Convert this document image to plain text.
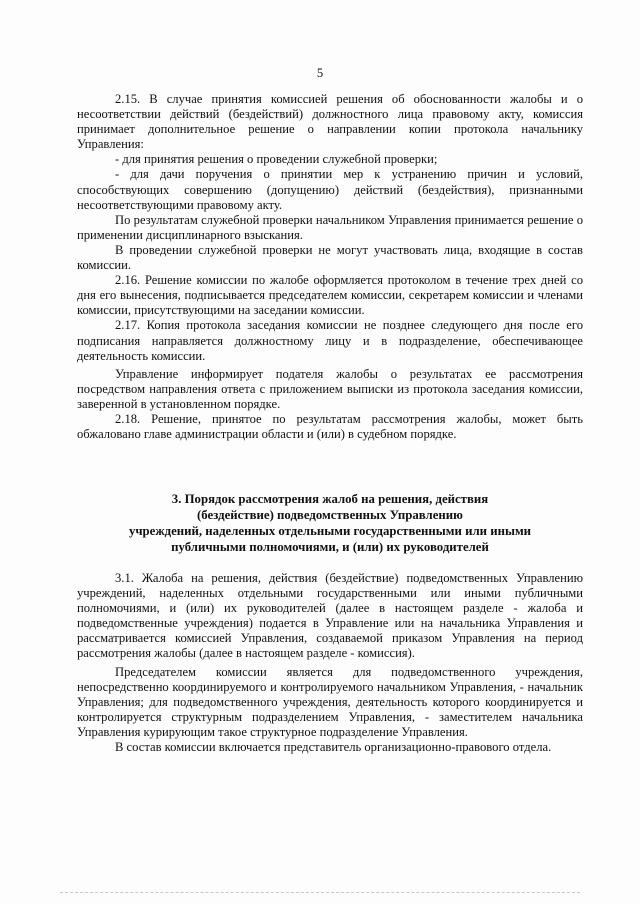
5

2.15. В случае принятия комиссией решения об обоснованности жалобы и о несоответствии действий (бездействий) должностного лица правовому акту, комиссия принимает дополнительное решение о направлении копии протокола начальнику Управления:

- для принятия решения о проведении служебной проверки;

- для дачи поручения о принятии мер к устранению причин и условий, способствующих совершению (допущению) действий (бездействия), признанными несоответствующими правовому акту.

По результатам служебной проверки начальником Управления принимается решение о применении дисциплинарного взыскания.

В проведении служебной проверки не могут участвовать лица, входящие в состав комиссии.

2.16. Решение комиссии по жалобе оформляется протоколом в течение трех дней со дня его вынесения, подписывается председателем комиссии, секретарем комиссии и членами комиссии, присутствующими на заседании комиссии.

2.17. Копия протокола заседания комиссии не позднее следующего дня после его подписания направляется должностному лицу и в подразделение, обеспечивающее деятельность комиссии.

Управление информирует подателя жалобы о результатах ее рассмотрения посредством направления ответа с приложением выписки из протокола заседания комиссии, заверенной в установленном порядке.

2.18. Решение, принятое по результатам рассмотрения жалобы, может быть обжаловано главе администрации области и (или) в судебном порядке.

3. Порядок рассмотрения жалоб на решения, действия
(бездействие) подведомственных Управлению
учреждений, наделенных отдельными государственными или иными
публичными полномочиями, и (или) их руководителей

3.1. Жалоба на решения, действия (бездействие) подведомственных Управлению учреждений, наделенных отдельными государственными или иными публичными полномочиями, и (или) их руководителей (далее в настоящем разделе - жалоба и подведомственные учреждения) подается в Управление или на начальника Управления и рассматривается комиссией Управления, создаваемой приказом Управления на период рассмотрения жалобы (далее в настоящем разделе - комиссия).

Председателем комиссии является для подведомственного учреждения, непосредственно координируемого и контролируемого начальником Управления, - начальник Управления; для подведомственного учреждения, деятельность которого координируется и контролируется структурным подразделением Управления, - заместителем начальника Управления курирующим такое структурное подразделение Управления.

В состав комиссии включается представитель организационно-правового отдела.
